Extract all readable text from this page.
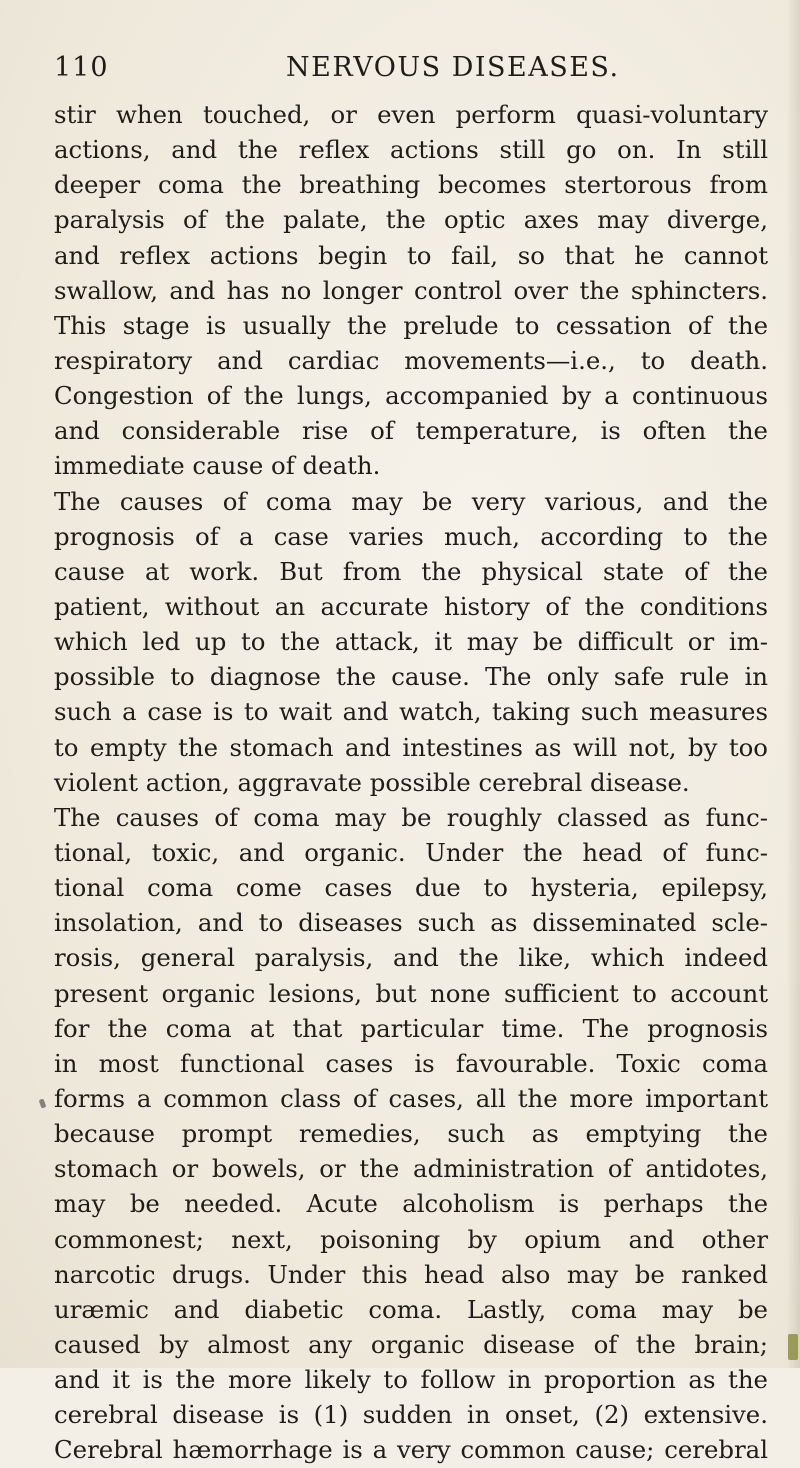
110	NERVOUS DISEASES.
stir when touched, or even perform quasi-voluntary
actions, and the reflex actions still go on. In still
deeper coma the breathing becomes stertorous from
paralysis of the palate, the optic axes may diverge,
and reflex actions begin to fail, so that he cannot
swallow, and has no longer control over the sphincters.
This stage is usually the prelude to cessation of the
respiratory and cardiac movements—i.e., to death.
Congestion of the lungs, accompanied by a continuous
and considerable rise of temperature, is often the
immediate cause of death.
The causes of coma may be very various, and the
prognosis of a case varies much, according to the
cause at work. But from the physical state of the
patient, without an accurate history of the conditions
which led up to the attack, it may be difficult or im-
possible to diagnose the cause. The only safe rule in
such a case is to wait and watch, taking such measures
to empty the stomach and intestines as will not, by too
violent action, aggravate possible cerebral disease.
The causes of coma may be roughly classed as func-
tional, toxic, and organic. Under the head of func-
tional coma come cases due to hysteria, epilepsy,
insolation, and to diseases such as disseminated scle-
rosis, general paralysis, and the like, which indeed
present organic lesions, but none sufficient to account
for the coma at that particular time. The prognosis
in most functional cases is favourable. Toxic coma
forms a common class of cases, all the more important
because prompt remedies, such as emptying the
stomach or bowels, or the administration of antidotes,
may be needed. Acute alcoholism is perhaps the
commonest; next, poisoning by opium and other
narcotic drugs. Under this head also may be ranked
uræmic and diabetic coma. Lastly, coma may be
caused by almost any organic disease of the brain;
and it is the more likely to follow in proportion as the
cerebral disease is (1) sudden in onset, (2) extensive.
Cerebral hæmorrhage is a very common cause; cerebral
